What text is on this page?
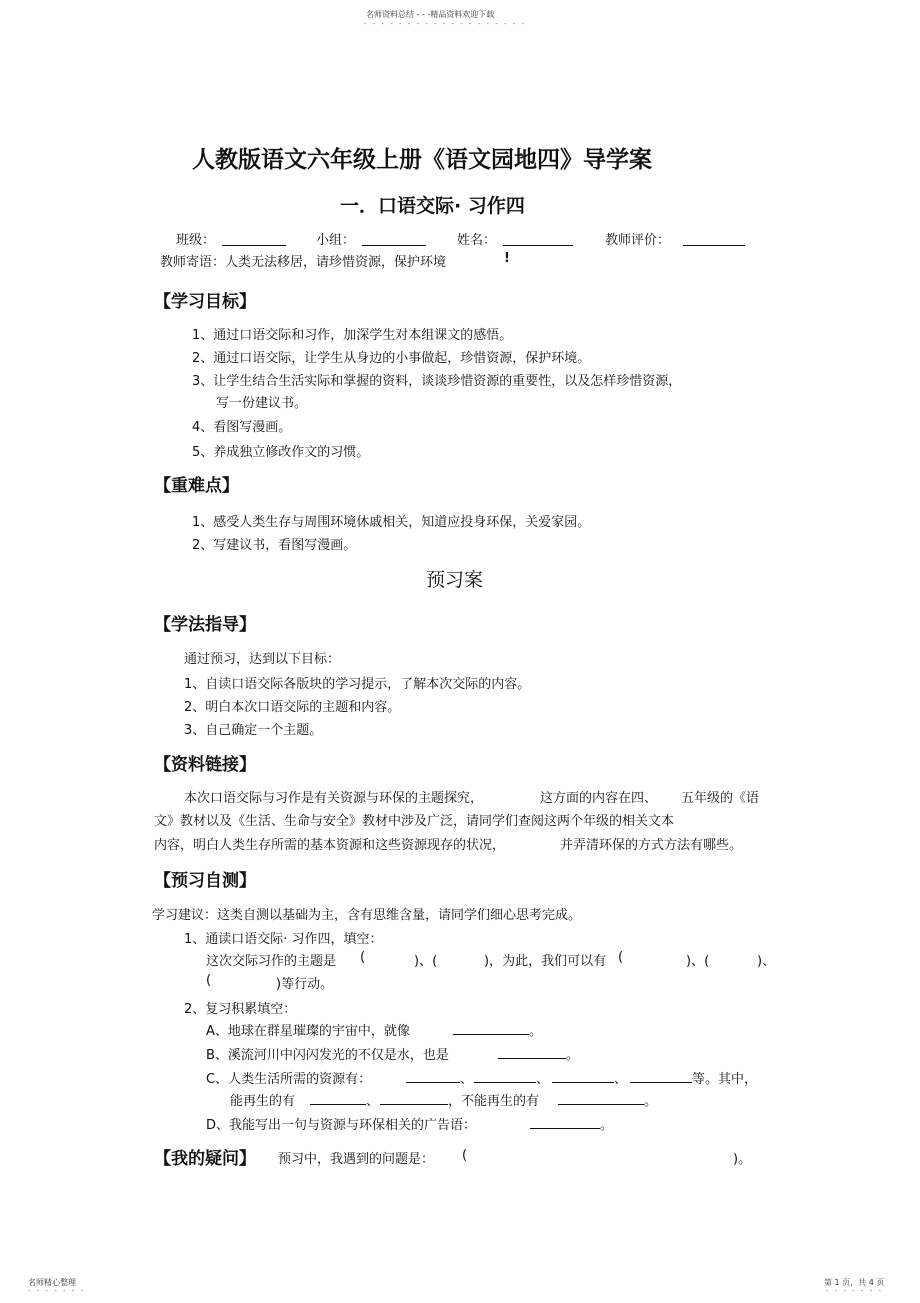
名师资料总结 - - -精品资料欢迎下载
- - - - - - - - - - - - - - - - - - -
人教版语文六年级上册《语文园地四》导学案
一．口语交际· 习作四
班级：	小组：	姓名：	教师评价：
教师寄语：人类无法移居，请珍惜资源，保护环境	!
【学习目标】
1、通过口语交际和习作，加深学生对本组课文的感悟。
2、通过口语交际，让学生从身边的小事做起，珍惜资源，保护环境。
3、让学生结合生活实际和掌握的资料，谈谈珍惜资源的重要性，以及怎样珍惜资源，
写一份建议书。
4、看图写漫画。
5、养成独立修改作文的习惯。
【重难点】
1、感受人类生存与周围环境休戚相关，知道应投身环保，关爱家园。
2、写建议书，看图写漫画。
预习案
【学法指导】
通过预习，达到以下目标：
1、自读口语交际各版块的学习提示，了解本次交际的内容。
2、明白本次口语交际的主题和内容。
3、自己确定一个主题。
【资料链接】
本次口语交际与习作是有关资源与环保的主题探究，	这方面的内容在四、 五年级的《语
文》教材以及《生活、生命与安全》教材中涉及广泛，请同学们查阅这两个年级的相关文本
内容，明白人类生存所需的基本资源和这些资源现存的状况，	并弄清环保的方式方法有哪些。
【预习自测】
学习建议：这类自测以基础为主，含有思维含量，请同学们细心思考完成。
1、通读口语交际· 习作四，填空：
这次交际习作的主题是 (	)、(	)，为此，我们可以有 (	)、(	)、
(	)等行动。
2、复习积累填空：
A、地球在群星璀璨的宇宙中，就像	。
B、溪流河川中闪闪发光的不仅是水，也是	。
C、人类生活所需的资源有：	、	、	、	等。其中，
能再生的有	、	，不能再生的有	。
D、我能写出一句与资源与环保相关的广告语：	。
【我的疑问】 预习中，我遇到的问题是： (	)。
名师精心整理
- - - - - - -
第 1 页，共 4 页
- - - - - - -
